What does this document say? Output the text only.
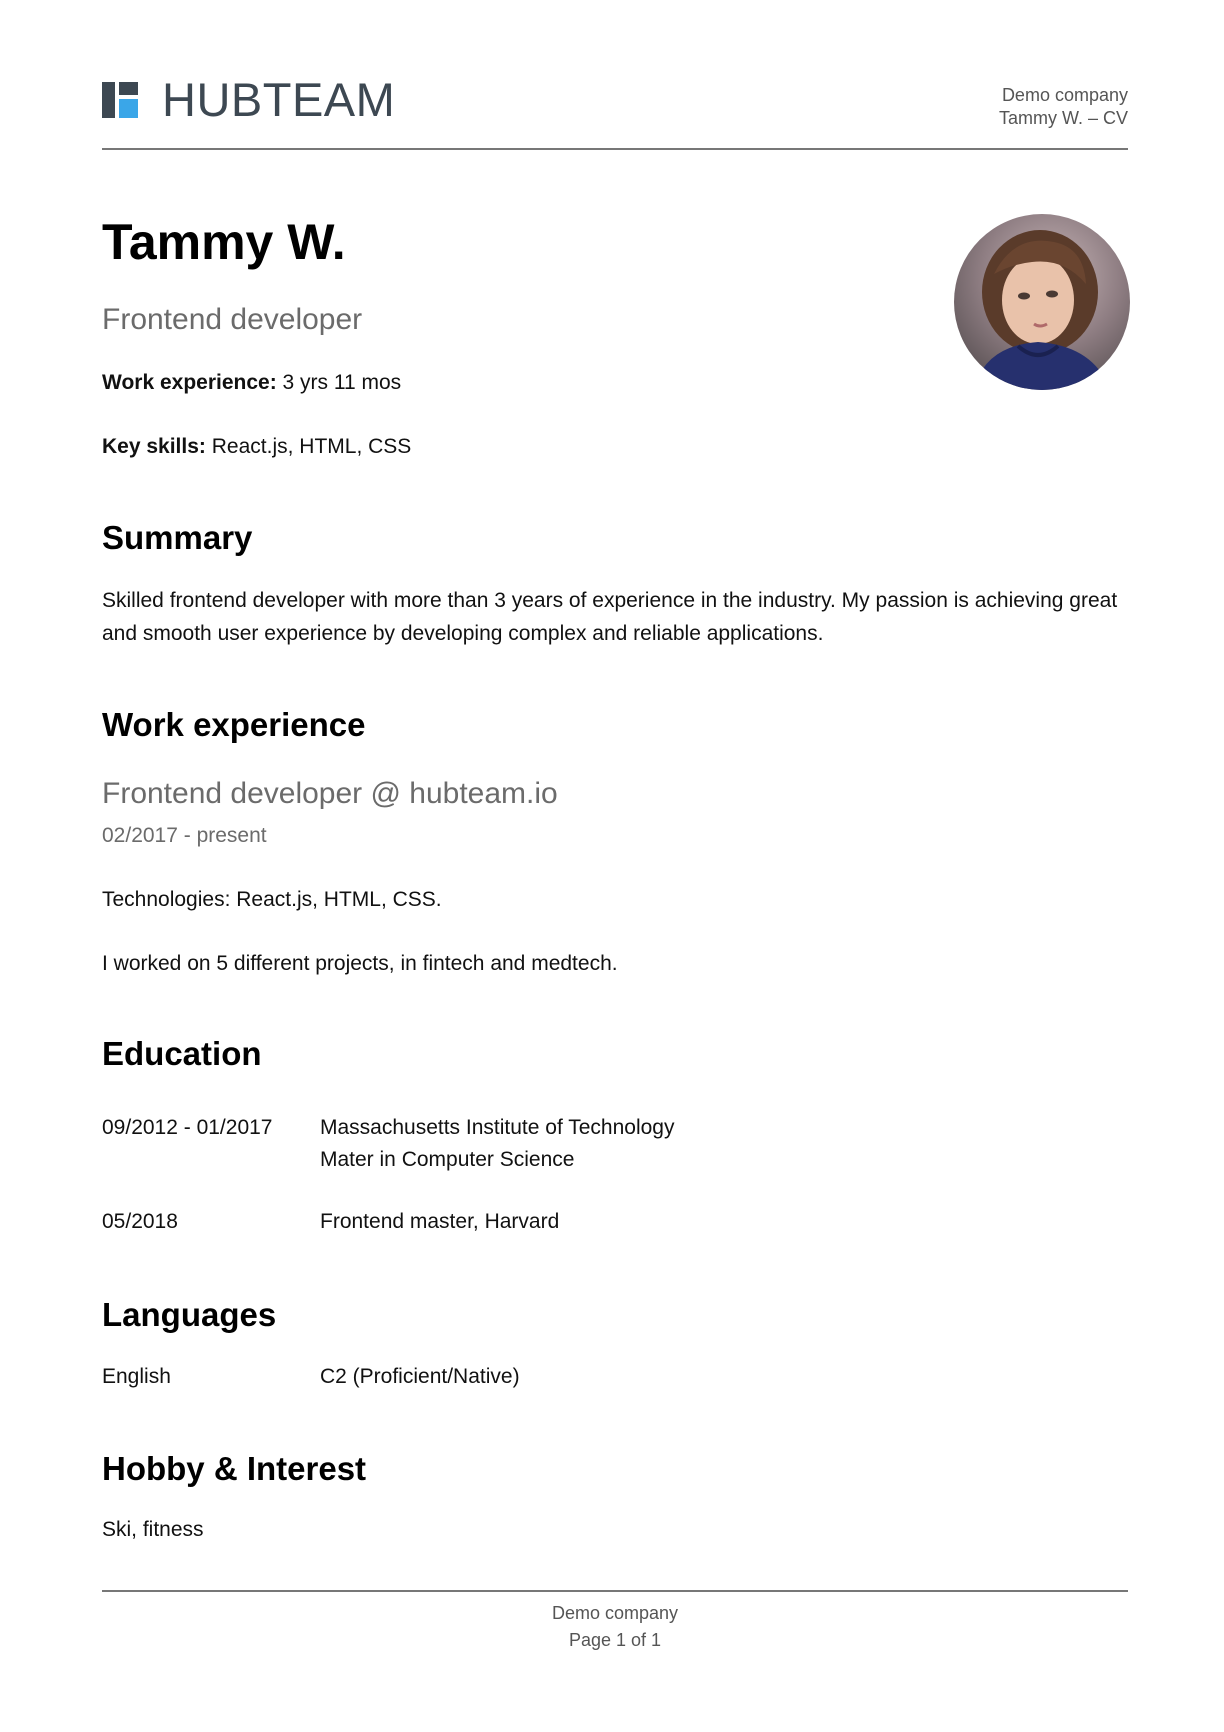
HUBTEAM	Demo company
Tammy W. – CV
Tammy W.
Frontend developer
Work experience: 3 yrs 11 mos
Key skills: React.js, HTML, CSS
Summary
Skilled frontend developer with more than 3 years of experience in the industry. My passion is achieving great and smooth user experience by developing complex and reliable applications.
Work experience
Frontend developer @ hubteam.io
02/2017 - present
Technologies: React.js, HTML, CSS.
I worked on 5 different projects, in fintech and medtech.
Education
09/2012 - 01/2017 Massachusetts Institute of Technology
Mater in Computer Science
05/2018	Frontend master, Harvard
Languages
English	C2 (Proficient/Native)
Hobby & Interest
Ski, fitness
Demo company
Page 1 of 1
